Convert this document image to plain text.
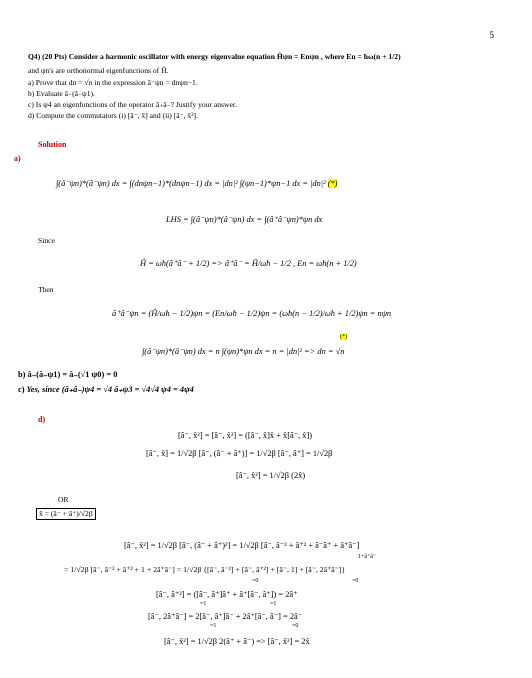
5
Q4) (20 Pts) Consider a harmonic oscillator with energy eigenvalue equation Ĥψn = Enψn , where En = ħω(n + 1/2)
and ψn's are orthonormal eigenfunctions of Ĥ.
a) Prove that dn = √n in the expression â⁻ψn = dnψn−1.
b) Evaluate â₋(â₋ψ1).
c) Is ψ4 an eigenfunctions of the operator â₊â₋? Justify your answer.
d) Compute the commutators (i) [â⁻, x̂] and (ii) [â⁻, x̂²].
Solution
a)
∫(â⁻ψn)*(â⁻ψn) dx = ∫(dnψn−1)*(dnψn−1) dx = |dn|² ∫(ψn−1)*ψn−1 dx = |dn|² (*)
LHS = ∫(â⁻ψn)*(â⁻ψn) dx = ∫(â⁺â⁻ψn)*ψn dx
Since
Ĥ = ωħ(â⁺â⁻ + 1/2) => â⁺â⁻ = Ĥ/ωħ − 1/2 , En = ωħ(n + 1/2)
Then
â⁺â⁻ψn = (Ĥ/ωħ − 1/2)ψn = (En/ωħ − 1/2)ψn = (ωħ(n − 1/2)/ωħ + 1/2)ψn = nψn
(*)
∫(â⁻ψn)*(â⁻ψn) dx = n ∫(ψn)*ψn dx = n = |dn|² => dn = √n
b) â₋(â₋ψ1) = â₋(√1 ψ0) = 0
c) Yes, since (â₊â₋)ψ4 = √4 â₊ψ3 = √4√4 ψ4 = 4ψ4
d)
[â⁻, x̂²] = [â⁻, x̂²] = ([â⁻, x̂]x̂ + x̂[â⁻, x̂])
[â⁻, x̂] = 1/√2β [â⁻, (â⁻ + â⁺)] = 1/√2β [â⁻, â⁺] = 1/√2β
[â⁻, x̂²] = 1/√2β (2x̂)
OR
x̂ = (â⁻ + â⁺)/√2β
[â⁻, x̂²] = 1/√2β [â⁻, (â⁻ + â⁺)²] = 1/√2β [â⁻, â⁻² + â⁺² + â⁻â⁺ + â⁺â⁻]
1+â⁺â⁻
= 1/√2β [â⁻, â⁻² + â⁺² + 1 + 2â⁺â⁻] = 1/√2β {[â⁻, â⁻²] + [â⁻, â⁺²] + [â⁻, 1] + [â⁻, 2â⁺â⁻]}
=0	=0
[â⁻, â⁺²] = ([â⁻, â⁺]â⁺ + â⁺[â⁻, â⁺]) = 2â⁺
=1	=1
[â⁻, 2â⁺â⁻] = 2[â⁻, â⁺]â⁻ + 2â⁺[â⁻, â⁻] = 2â⁻
=1	=0
[â⁻, x̂²] = 1/√2β 2(â⁺ + â⁻) => [â⁻, x̂²] = 2x̂
